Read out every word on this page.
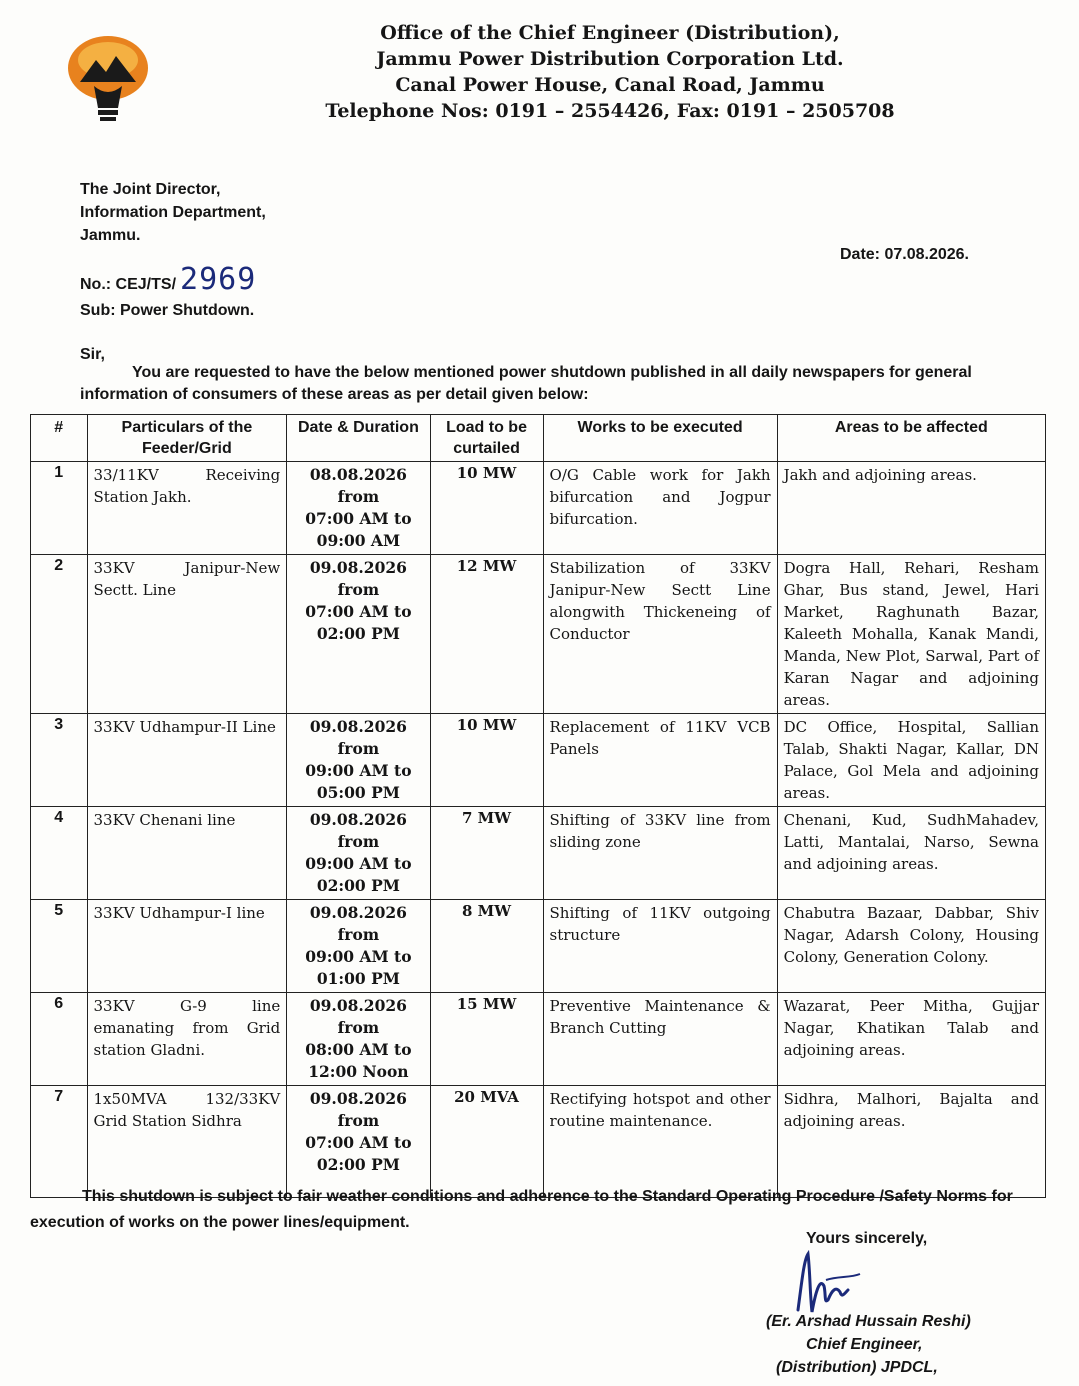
Office of the Chief Engineer (Distribution),
Jammu Power Distribution Corporation Ltd.
Canal Power House, Canal Road, Jammu
Telephone Nos: 0191 – 2554426, Fax: 0191 – 2505708
The Joint Director,
Information Department,
Jammu.
Date: 07.08.2026.
No.: CEJ/TS/ 2969
Sub: Power Shutdown.
Sir,
You are requested to have the below mentioned power shutdown published in all daily newspapers for general information of consumers of these areas as per detail given below:
#	Particulars of the Feeder/Grid	Date & Duration	Load to be curtailed	Works to be executed	Areas to be affected
1	33/11KV Receiving Station Jakh.	08.08.2026
from
07:00 AM to
09:00 AM	10 MW	O/G Cable work for Jakh bifurcation and Jogpur bifurcation.	Jakh and adjoining areas.
2	33KV Janipur-New Sectt. Line	09.08.2026
from
07:00 AM to
02:00 PM	12 MW	Stabilization of 33KV Janipur-New Sectt Line alongwith Thickeneing of Conductor	Dogra Hall, Rehari, Resham Ghar, Bus stand, Jewel, Hari Market, Raghunath Bazar, Kaleeth Mohalla, Kanak Mandi, Manda, New Plot, Sarwal, Part of Karan Nagar and adjoining areas.
3	33KV Udhampur-II Line	09.08.2026
from
09:00 AM to
05:00 PM	10 MW	Replacement of 11KV VCB Panels	DC Office, Hospital, Sallian Talab, Shakti Nagar, Kallar, DN Palace, Gol Mela and adjoining areas.
4	33KV Chenani line	09.08.2026
from
09:00 AM to
02:00 PM	7 MW	Shifting of 33KV line from sliding zone	Chenani, Kud, SudhMahadev, Latti, Mantalai, Narso, Sewna and adjoining areas.
5	33KV Udhampur-I line	09.08.2026
from
09:00 AM to
01:00 PM	8 MW	Shifting of 11KV outgoing structure	Chabutra Bazaar, Dabbar, Shiv Nagar, Adarsh Colony, Housing Colony, Generation Colony.
6	33KV G-9 line emanating from Grid station Gladni.	09.08.2026
from
08:00 AM to
12:00 Noon	15 MW	Preventive Maintenance & Branch Cutting	Wazarat, Peer Mitha, Gujjar Nagar, Khatikan Talab and adjoining areas.
7	1x50MVA 132/33KV Grid Station Sidhra	09.08.2026
from
07:00 AM to
02:00 PM	20 MVA	Rectifying hotspot and other routine maintenance.	Sidhra, Malhori, Bajalta and adjoining areas.
This shutdown is subject to fair weather conditions and adherence to the Standard Operating Procedure /Safety Norms for execution of works on the power lines/equipment.
Yours sincerely,
(Er. Arshad Hussain Reshi)
Chief Engineer,
(Distribution) JPDCL,
